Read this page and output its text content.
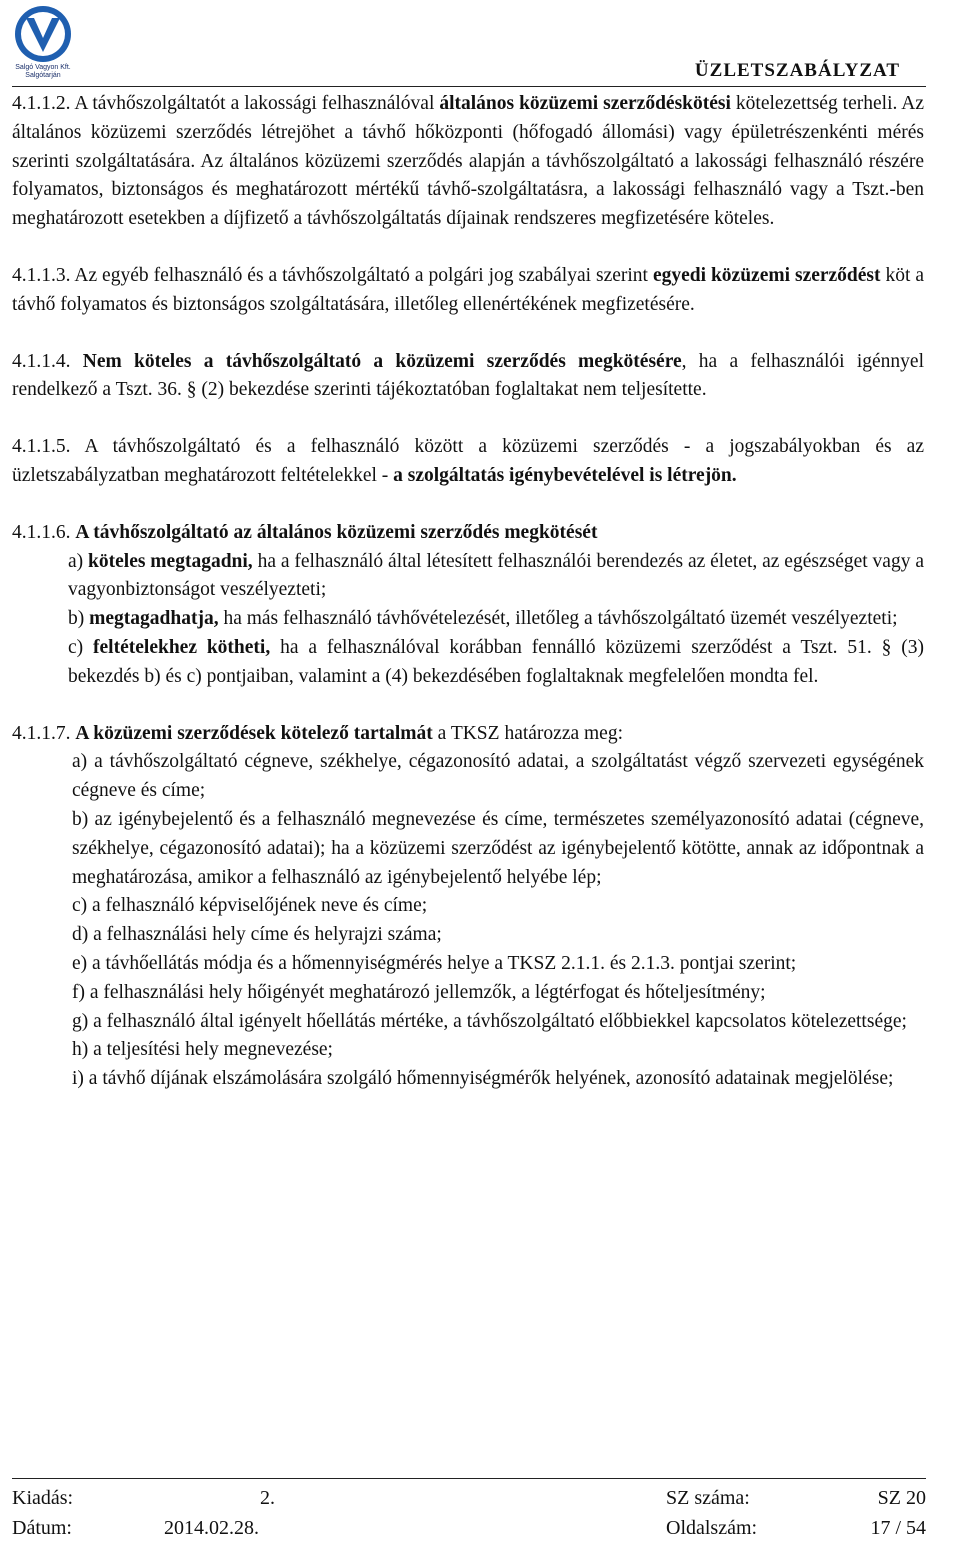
Salgó Vagyon Kft. Salgótarján	ÜZLETSZABÁLYZAT

4.1.1.2. A távhőszolgáltatót a lakossági felhasználóval általános közüzemi szerződéskötési kötelezettség terheli. Az általános közüzemi szerződés létrejöhet a távhő hőközponti (hőfogadó állomási) vagy épületrészenkénti mérés szerinti szolgáltatására. Az általános közüzemi szerződés alapján a távhőszolgáltató a lakossági felhasználó részére folyamatos, biztonságos és meghatározott mértékű távhő-szolgáltatásra, a lakossági felhasználó vagy a Tszt.-ben meghatározott esetekben a díjfizető a távhőszolgáltatás díjainak rendszeres megfizetésére köteles.

4.1.1.3. Az egyéb felhasználó és a távhőszolgáltató a polgári jog szabályai szerint egyedi közüzemi szerződést köt a távhő folyamatos és biztonságos szolgáltatására, illetőleg ellenértékének megfizetésére.

4.1.1.4. Nem köteles a távhőszolgáltató a közüzemi szerződés megkötésére, ha a felhasználói igénnyel rendelkező a Tszt. 36. § (2) bekezdése szerinti tájékoztatóban foglaltakat nem teljesítette.

4.1.1.5. A távhőszolgáltató és a felhasználó között a közüzemi szerződés - a jogszabályokban és az üzletszabályzatban meghatározott feltételekkel - a szolgáltatás igénybevételével is létrejön.

4.1.1.6. A távhőszolgáltató az általános közüzemi szerződés megkötését

a) köteles megtagadni, ha a felhasználó által létesített felhasználói berendezés az életet, az egészséget vagy a vagyonbiztonságot veszélyezteti;

b) megtagadhatja, ha más felhasználó távhővételezését, illetőleg a távhőszolgáltató üzemét veszélyezteti;

c) feltételekhez kötheti, ha a felhasználóval korábban fennálló közüzemi szerződést a Tszt. 51. § (3) bekezdés b) és c) pontjaiban, valamint a (4) bekezdésében foglaltaknak megfelelően mondta fel.

4.1.1.7. A közüzemi szerződések kötelező tartalmát a TKSZ határozza meg:

a) a távhőszolgáltató cégneve, székhelye, cégazonosító adatai, a szolgáltatást végző szervezeti egységének cégneve és címe;

b) az igénybejelentő és a felhasználó megnevezése és címe, természetes személyazonosító adatai (cégneve, székhelye, cégazonosító adatai); ha a közüzemi szerződést az igénybejelentő kötötte, annak az időpontnak a meghatározása, amikor a felhasználó az igénybejelentő helyébe lép;

c) a felhasználó képviselőjének neve és címe;

d) a felhasználási hely címe és helyrajzi száma;

e) a távhőellátás módja és a hőmennyiségmérés helye a TKSZ 2.1.1. és 2.1.3. pontjai szerint;

f) a felhasználási hely hőigényét meghatározó jellemzők, a légtérfogat és hőteljesítmény;

g) a felhasználó által igényelt hőellátás mértéke, a távhőszolgáltató előbbiekkel kapcsolatos kötelezettsége;

h) a teljesítési hely megnevezése;

i) a távhő díjának elszámolására szolgáló hőmennyiségmérők helyének, azonosító adatainak megjelölése;

Kiadás:	2.	SZ száma:	SZ 20
Dátum:	2014.02.28.	Oldalszám:	17 / 54
